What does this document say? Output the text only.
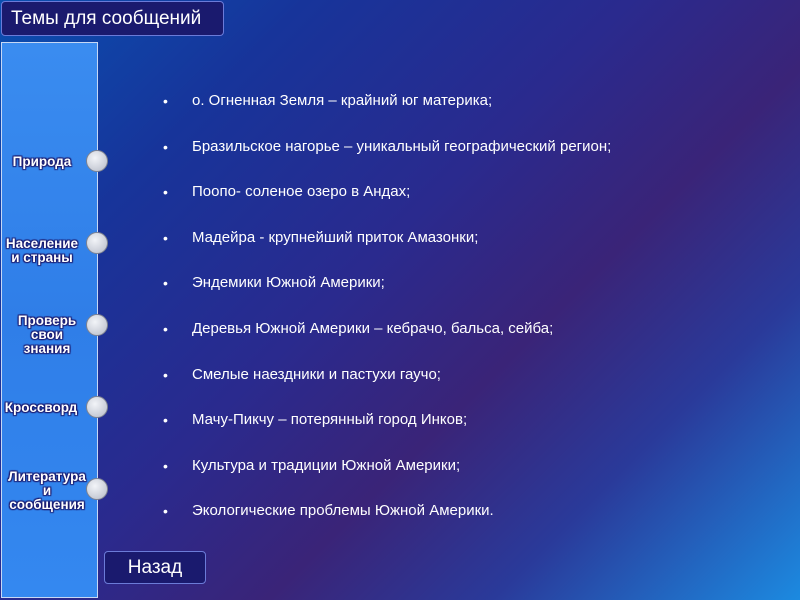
Темы для сообщений
Природа
Население
и страны
Проверь
свои
знания
Кроссворд
Литература
и
сообщения
• о. Огненная Земля – крайний юг материка;
• Бразильское нагорье – уникальный географический регион;
• Поопо- соленое озеро в Андах;
• Мадейра - крупнейший приток Амазонки;
• Эндемики Южной Америки;
• Деревья Южной Америки – кебрачо, бальса, сейба;
• Смелые наездники и пастухи гаучо;
• Мачу-Пикчу – потерянный город Инков;
• Культура и традиции Южной Америки;
• Экологические проблемы Южной Америки.
Назад
